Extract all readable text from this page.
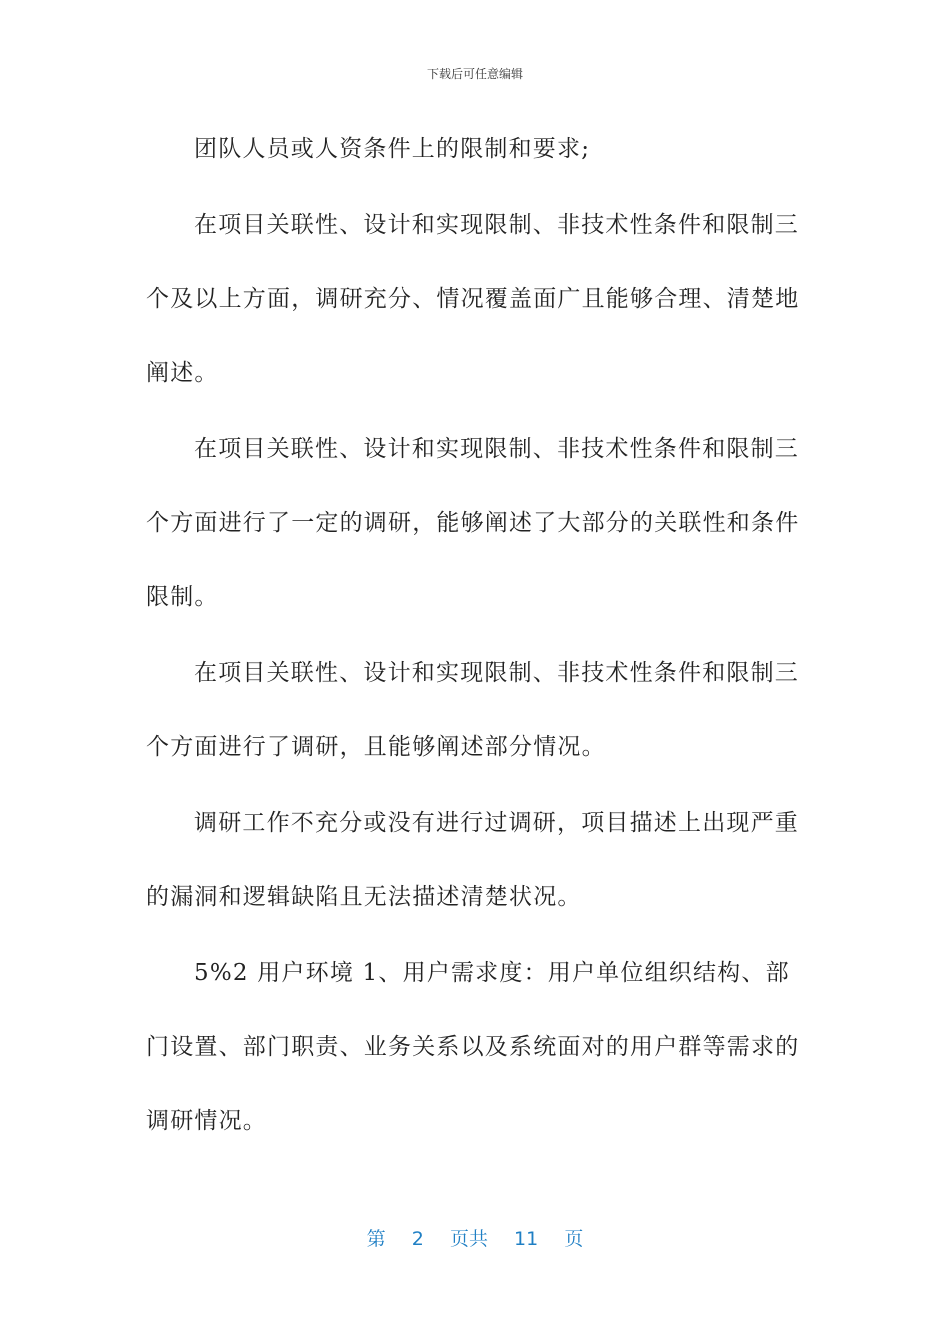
下载后可任意编辑

团队人员或人资条件上的限制和要求;

在项目关联性、设计和实现限制、非技术性条件和限制三个及以上方面，调研充分、情况覆盖面广且能够合理、清楚地阐述。

在项目关联性、设计和实现限制、非技术性条件和限制三个方面进行了一定的调研，能够阐述了大部分的关联性和条件限制。

在项目关联性、设计和实现限制、非技术性条件和限制三个方面进行了调研，且能够阐述部分情况。

调研工作不充分或没有进行过调研，项目描述上出现严重的漏洞和逻辑缺陷且无法描述清楚状况。

5%2 用户环境 1、用户需求度：用户单位组织结构、部门设置、部门职责、业务关系以及系统面对的用户群等需求的调研情况。

第 2 页共 11 页
